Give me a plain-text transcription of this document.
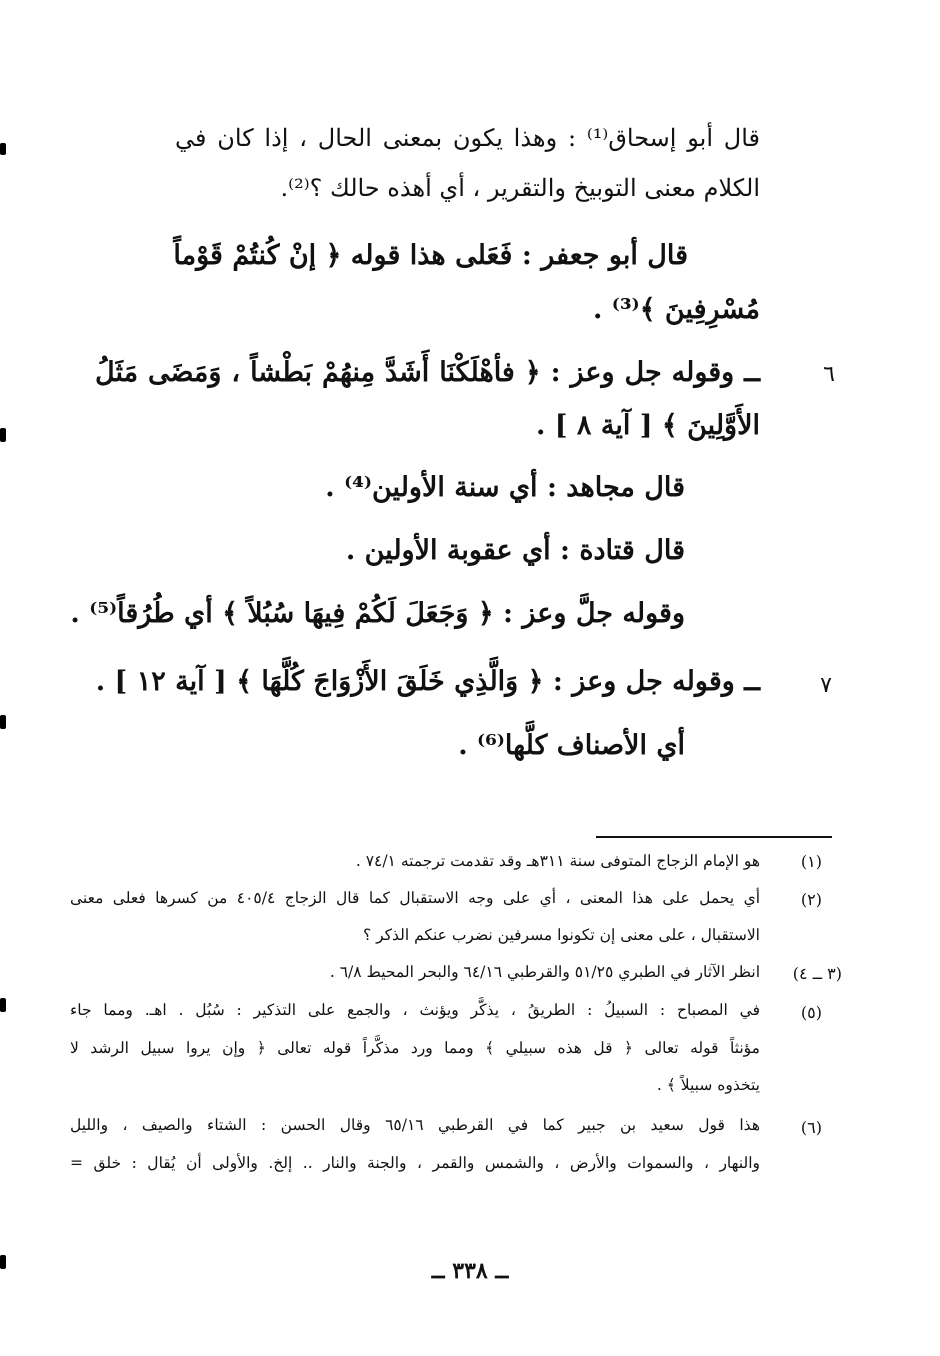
قال أبو إسحاق⁽¹⁾ : وهذا يكون بمعنى الحال ، إذا كان في
الكلام معنى التوبيخ والتقرير ، أي أهذه حالك ؟⁽²⁾.
قال أبو جعفر : فَعَلى هذا قوله ﴿ إنْ كُنتُمْ قَوْماً
مُسْرِفِينَ ﴾⁽³⁾ .
٦
ــ وقوله جل وعز : ﴿ فأهْلَكْنَا أَشَدَّ مِنهُمْ بَطْشاً ، وَمَضَى مَثَلُ
الأَوَّلِينَ ﴾ [ آية ٨ ] .
قال مجاهد : أي سنة الأولين⁽⁴⁾ .
قال قتادة : أي عقوبة الأولين .
وقوله جلَّ وعز : ﴿ وَجَعَلَ لَكُمْ فِيهَا سُبُلاً ﴾ أي طُرُقاً⁽⁵⁾ .
٧
ــ وقوله جل وعز : ﴿ وَالَّذِي خَلَقَ الأَزْوَاجَ كُلَّهَا ﴾ [ آية ١٢ ] .
أي الأصناف كلَّها⁽⁶⁾ .
(١)
هو الإمام الزجاج المتوفى سنة ٣١١هـ وقد تقدمت ترجمته ٧٤/١ .
(٢)
أي يحمل على هذا المعنى ، أي على وجه الاستقبال كما قال الزجاج ٤٠٥/٤ من كسرها فعلى معنى
الاستقبال ، على معنى إن تكونوا مسرفين نضرب عنكم الذكر ؟
(٣ ــ ٤)
انظر الآثار في الطبري ٥١/٢٥ والقرطبي ٦٤/١٦ والبحر المحيط ٦/٨ .
(٥)
في المصباح : السبيلُ : الطريقُ ، يذكَّر ويؤنث ، والجمع على التذكير : سُبُل . اهـ. ومما جاء
مؤنثاً قوله تعالى ﴿ قل هذه سبيلي ﴾ ومما ورد مذكَّراً قوله تعالى ﴿ وإن يروا سبيل الرشد لا
يتخذوه سبيلاً ﴾ .
(٦)
هذا قول سعيد بن جبير كما في القرطبي ٦٥/١٦ وقال الحسن : الشتاء والصيف ، والليل
والنهار ، والسموات والأرض ، والشمس والقمر ، والجنة والنار .. إلخ. والأولى أن يُقال : خلق =
ــ ٣٣٨ ــ
